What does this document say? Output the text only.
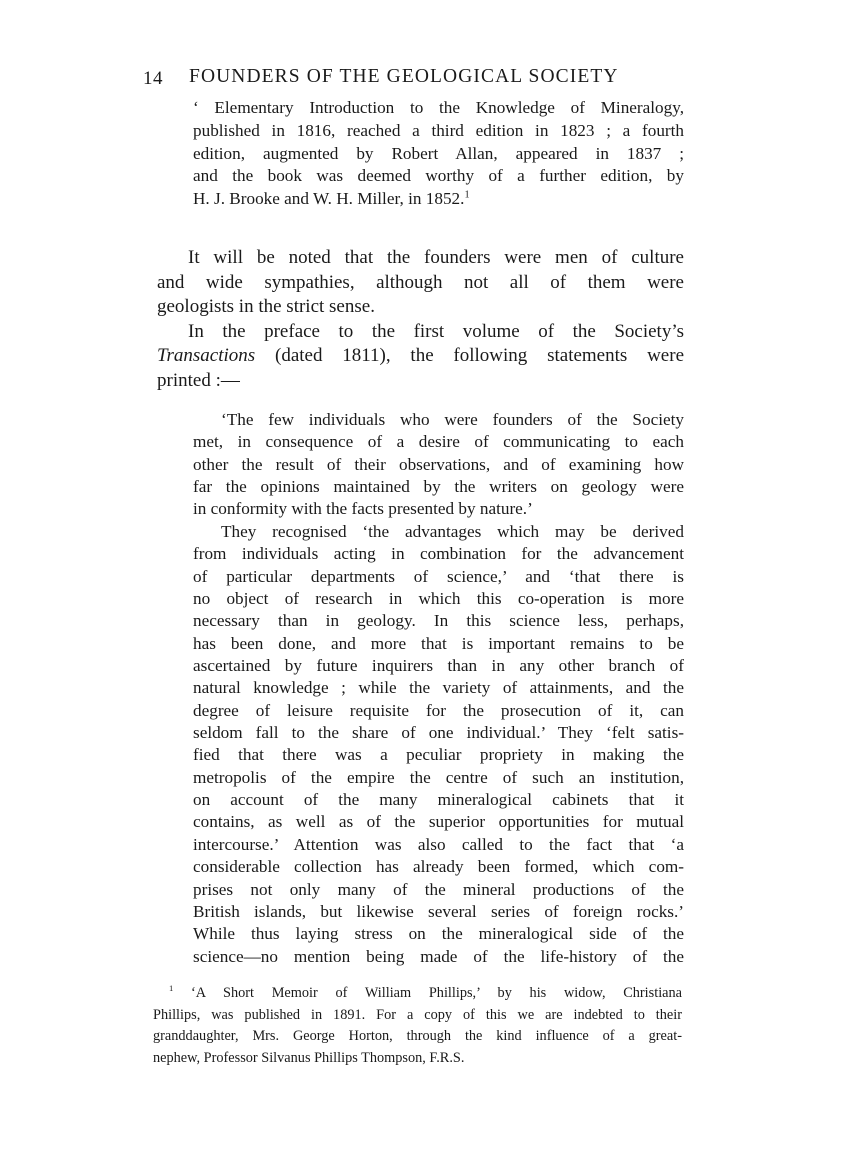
14 FOUNDERS OF THE GEOLOGICAL SOCIETY
‘ Elementary Introduction to the Knowledge of Mineralogy,
published in 1816, reached a third edition in 1823 ; a fourth
edition, augmented by Robert Allan, appeared in 1837 ;
and the book was deemed worthy of a further edition, by
H. J. Brooke and W. H. Miller, in 1852.$^1$
It will be noted that the founders were men of culture
and wide sympathies, although not all of them were
geologists in the strict sense.
In the preface to the first volume of the Society’s
Transactions (dated 1811), the following statements were
printed :—
‘The few individuals who were founders of the Society
met, in consequence of a desire of communicating to each
other the result of their observations, and of examining how
far the opinions maintained by the writers on geology were
in conformity with the facts presented by nature.’
They recognised ‘the advantages which may be derived
from individuals acting in combination for the advancement
of particular departments of science,’ and ‘that there is
no object of research in which this co-operation is more
necessary than in geology. In this science less, perhaps,
has been done, and more that is important remains to be
ascertained by future inquirers than in any other branch of
natural knowledge ; while the variety of attainments, and the
degree of leisure requisite for the prosecution of it, can
seldom fall to the share of one individual.’ They ‘felt satis-
fied that there was a peculiar propriety in making the
metropolis of the empire the centre of such an institution,
on account of the many mineralogical cabinets that it
contains, as well as of the superior opportunities for mutual
intercourse.’ Attention was also called to the fact that ‘a
considerable collection has already been formed, which com-
prises not only many of the mineral productions of the
British islands, but likewise several series of foreign rocks.’
While thus laying stress on the mineralogical side of the
science—no mention being made of the life-history of the
$^1$ ‘A Short Memoir of William Phillips,’ by his widow, Christiana
Phillips, was published in 1891. For a copy of this we are indebted to their
granddaughter, Mrs. George Horton, through the kind influence of a great-
nephew, Professor Silvanus Phillips Thompson, F.R.S.
